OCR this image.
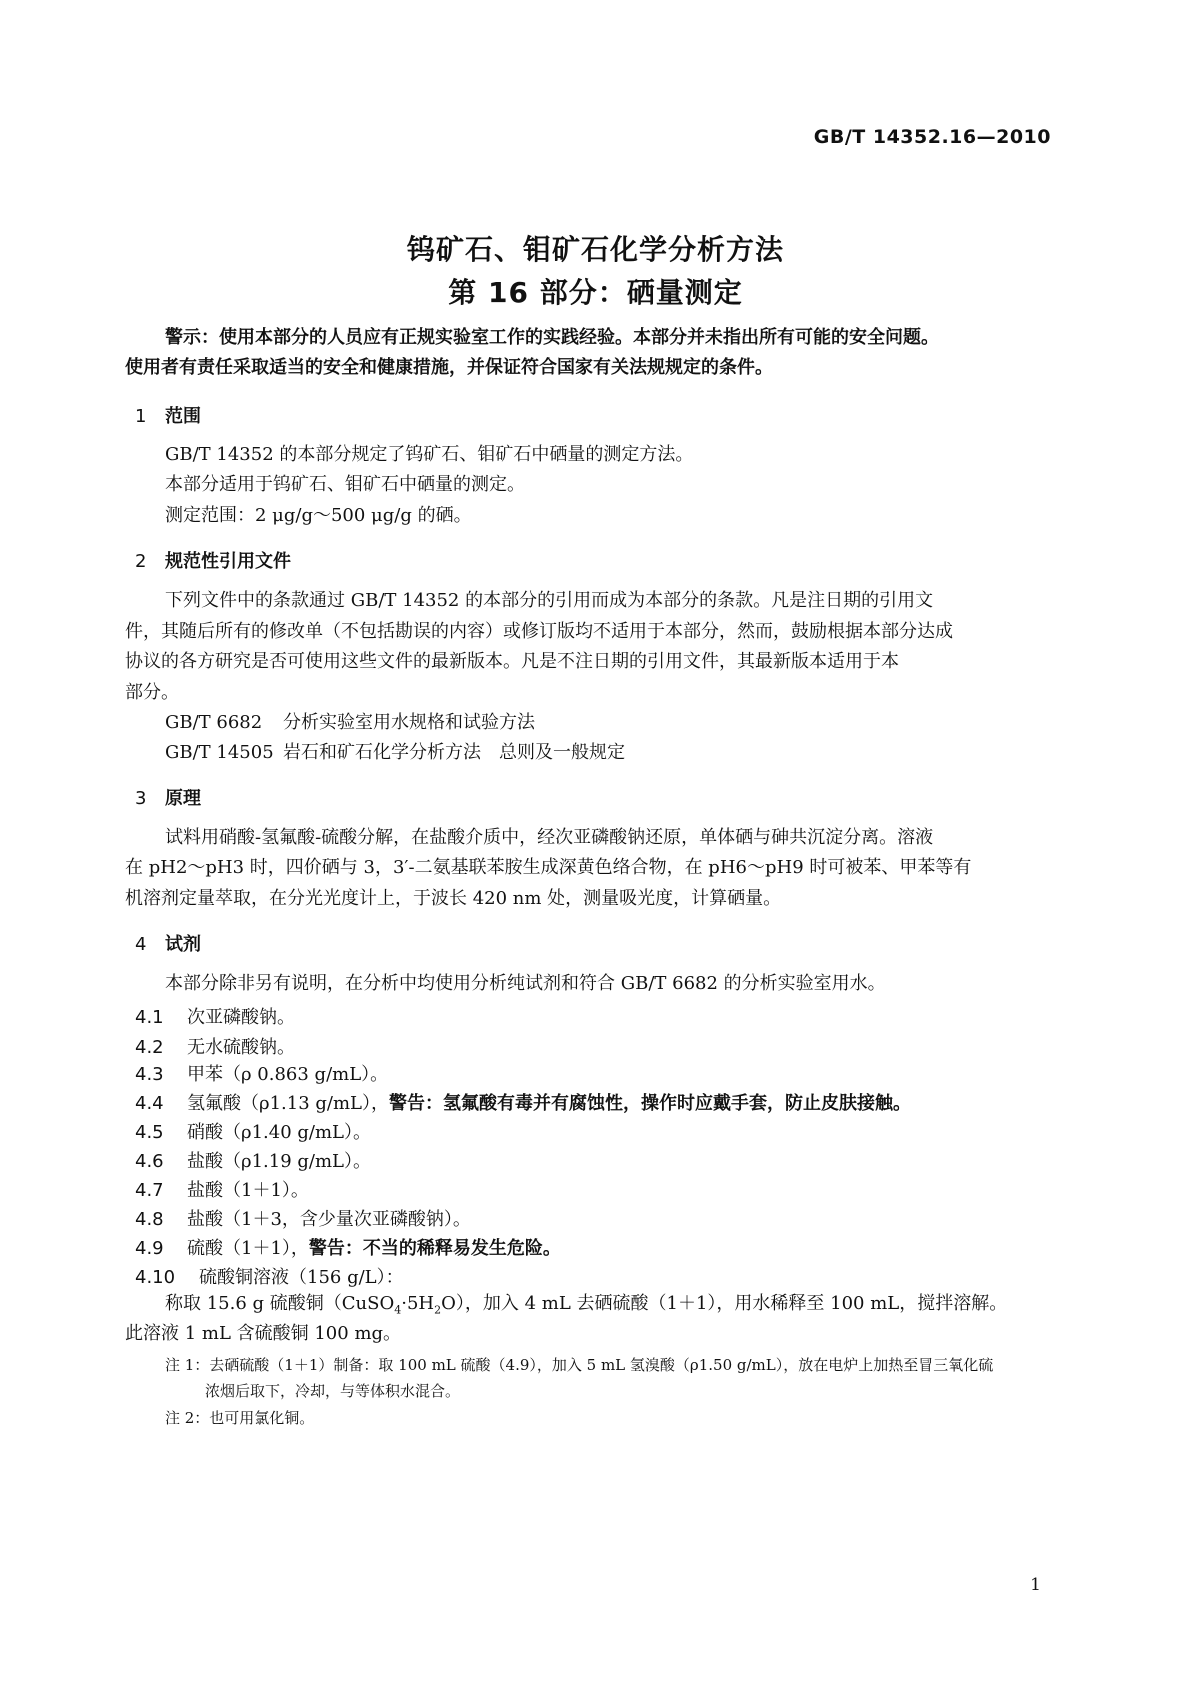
GB/T 14352.16—2010
钨矿石、钼矿石化学分析方法
第 16 部分：硒量测定
警示：使用本部分的人员应有正规实验室工作的实践经验。本部分并未指出所有可能的安全问题。
使用者有责任采取适当的安全和健康措施，并保证符合国家有关法规规定的条件。
1 范围
GB/T 14352 的本部分规定了钨矿石、钼矿石中硒量的测定方法。
本部分适用于钨矿石、钼矿石中硒量的测定。
测定范围：2 μg/g～500 μg/g 的硒。
2 规范性引用文件
下列文件中的条款通过 GB/T 14352 的本部分的引用而成为本部分的条款。凡是注日期的引用文
件，其随后所有的修改单（不包括勘误的内容）或修订版均不适用于本部分，然而，鼓励根据本部分达成
协议的各方研究是否可使用这些文件的最新版本。凡是不注日期的引用文件，其最新版本适用于本
部分。
GB/T 6682 分析实验室用水规格和试验方法
GB/T 14505 岩石和矿石化学分析方法　总则及一般规定
3 原理
试料用硝酸-氢氟酸-硫酸分解，在盐酸介质中，经次亚磷酸钠还原，单体硒与砷共沉淀分离。溶液
在 pH2～pH3 时，四价硒与 3，3′-二氨基联苯胺生成深黄色络合物，在 pH6～pH9 时可被苯、甲苯等有
机溶剂定量萃取，在分光光度计上，于波长 420 nm 处，测量吸光度，计算硒量。
4 试剂
本部分除非另有说明，在分析中均使用分析纯试剂和符合 GB/T 6682 的分析实验室用水。
4.1 次亚磷酸钠。
4.2 无水硫酸钠。
4.3 甲苯（ρ 0.863 g/mL）。
4.4 氢氟酸（ρ1.13 g/mL），警告：氢氟酸有毒并有腐蚀性，操作时应戴手套，防止皮肤接触。
4.5 硝酸（ρ1.40 g/mL）。
4.6 盐酸（ρ1.19 g/mL）。
4.7 盐酸（1＋1）。
4.8 盐酸（1＋3，含少量次亚磷酸钠）。
4.9 硫酸（1＋1），警告：不当的稀释易发生危险。
4.10 硫酸铜溶液（156 g/L）：
称取 15.6 g 硫酸铜$(CuSO_4\cdot 5H_2O)$，加入 4 mL 去硒硫酸（1＋1），用水稀释至 100 mL，搅拌溶解。
此溶液 1 mL 含硫酸铜 100 mg。
注 1：去硒硫酸（1＋1）制备：取 100 mL 硫酸（4.9），加入 5 mL 氢溴酸（ρ1.50 g/mL），放在电炉上加热至冒三氧化硫
浓烟后取下，冷却，与等体积水混合。
注 2：也可用氯化铜。
1
